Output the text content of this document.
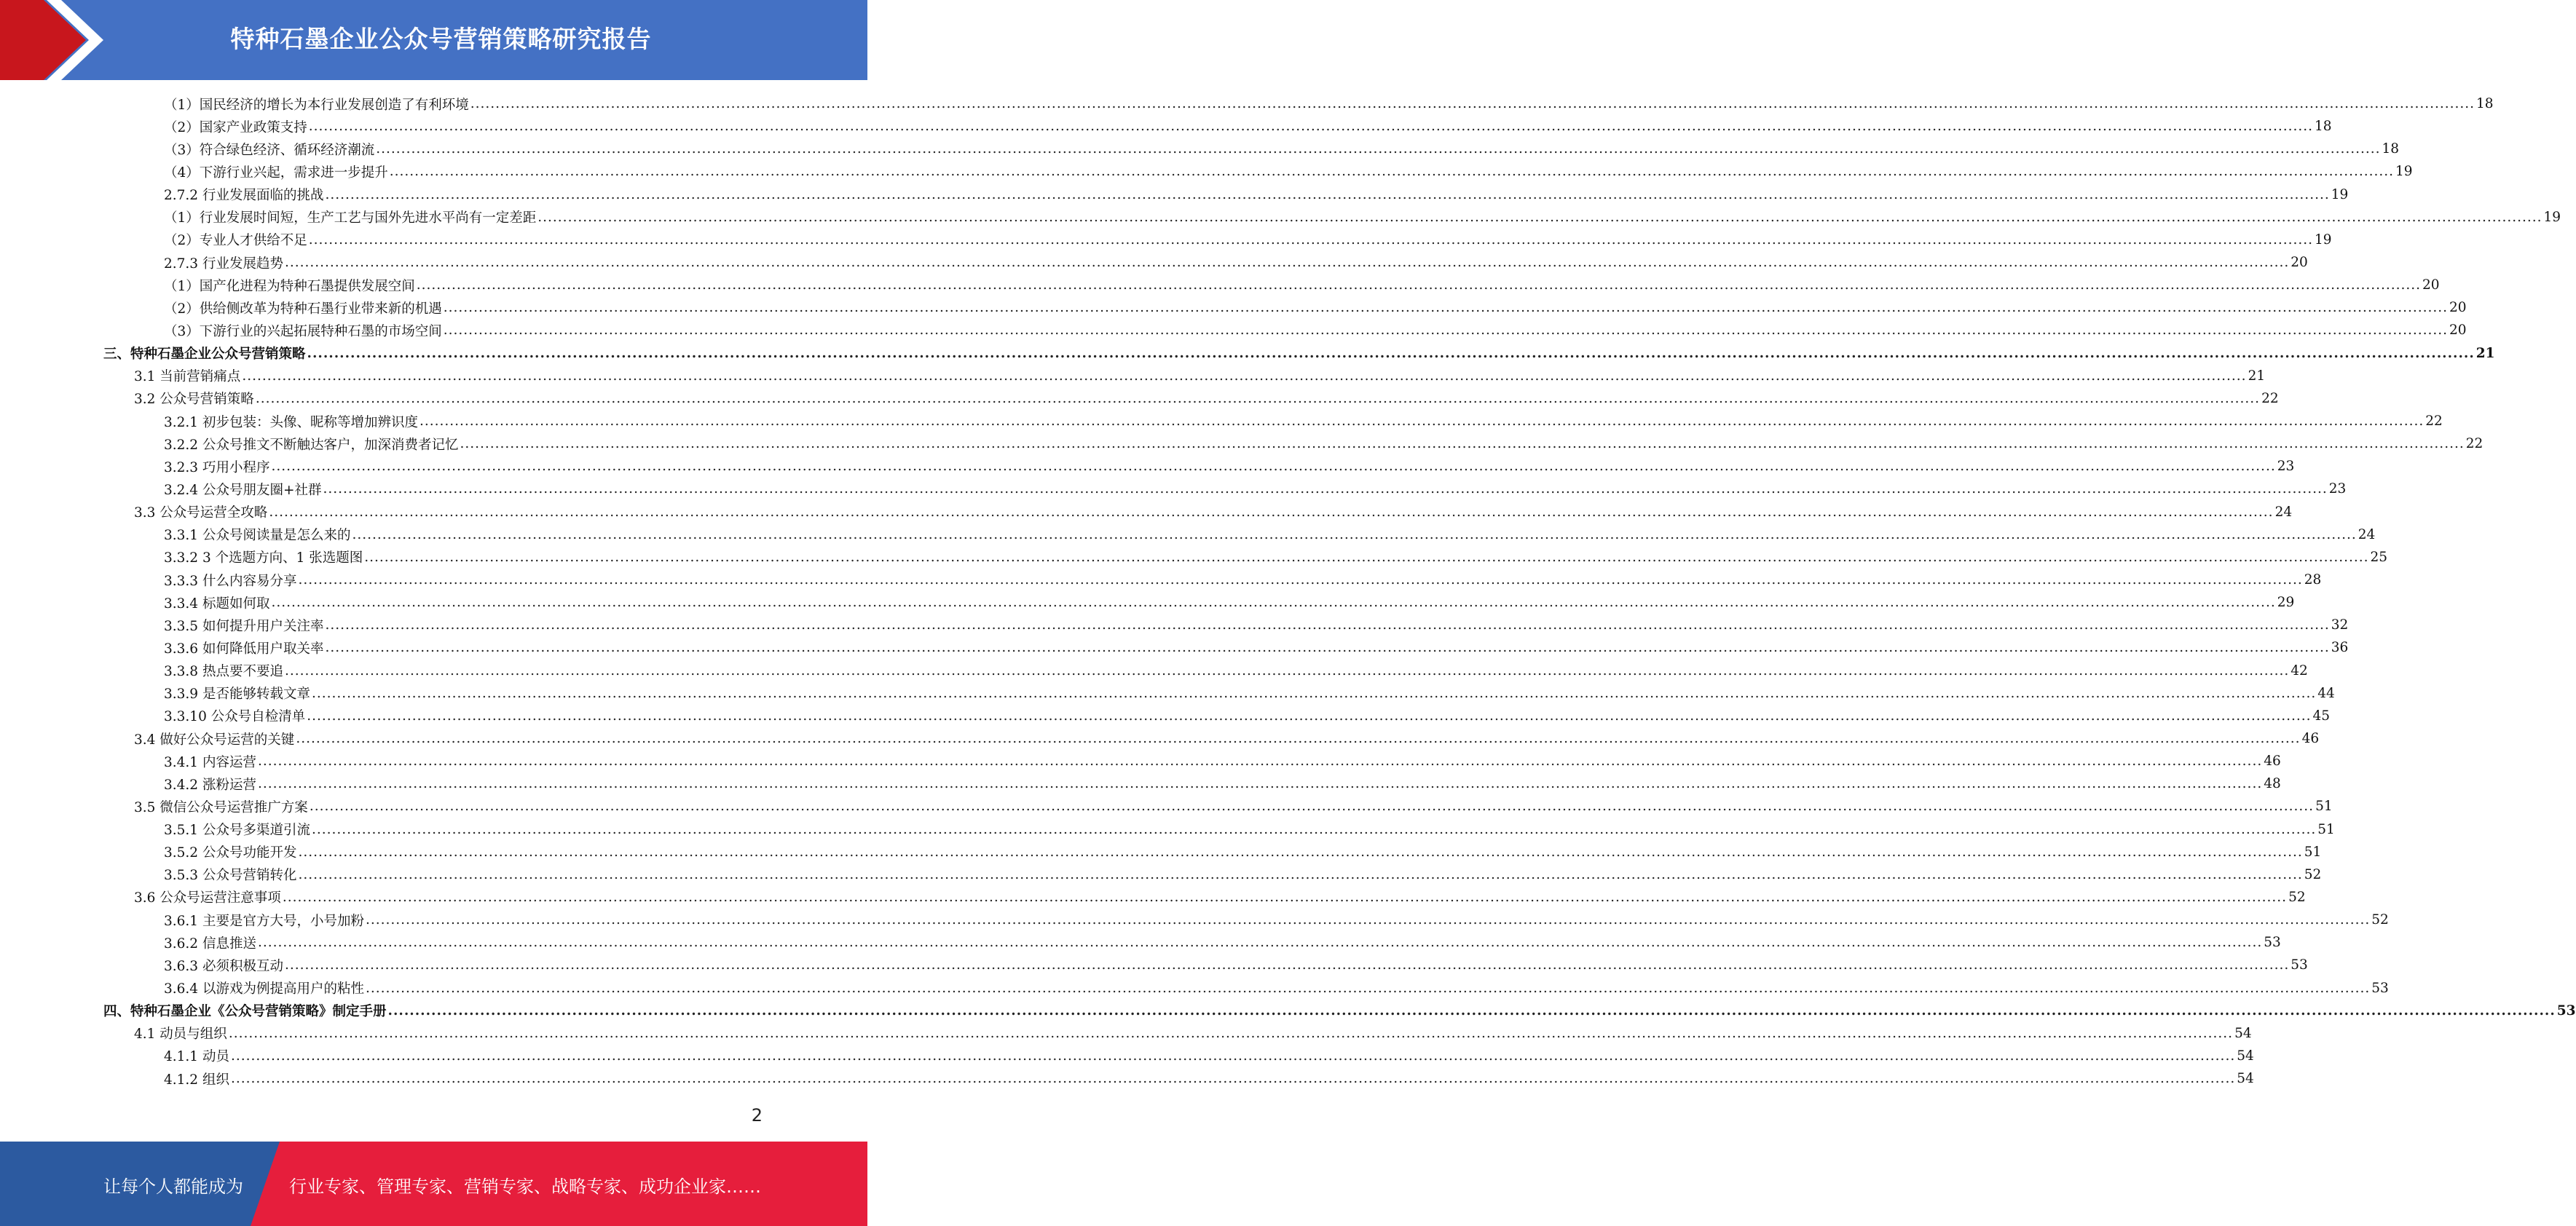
特种石墨企业公众号营销策略研究报告
（1）国民经济的增长为本行业发展创造了有利环境 ................................................................................................................................................................................................................................................................................................................................................................................................................ 18
（2）国家产业政策支持 ................................................................................................................................................................................................................................................................................................................................................................................................................ 18
（3）符合绿色经济、循环经济潮流 ................................................................................................................................................................................................................................................................................................................................................................................................................ 18
（4）下游行业兴起，需求进一步提升 ................................................................................................................................................................................................................................................................................................................................................................................................................ 19
2.7.2 行业发展面临的挑战 ................................................................................................................................................................................................................................................................................................................................................................................................................ 19
（1）行业发展时间短，生产工艺与国外先进水平尚有一定差距 ................................................................................................................................................................................................................................................................................................................................................................................................................ 19
（2）专业人才供给不足 ................................................................................................................................................................................................................................................................................................................................................................................................................ 19
2.7.3 行业发展趋势 ................................................................................................................................................................................................................................................................................................................................................................................................................ 20
（1）国产化进程为特种石墨提供发展空间 ................................................................................................................................................................................................................................................................................................................................................................................................................ 20
（2）供给侧改革为特种石墨行业带来新的机遇 ................................................................................................................................................................................................................................................................................................................................................................................................................ 20
（3）下游行业的兴起拓展特种石墨的市场空间 ................................................................................................................................................................................................................................................................................................................................................................................................................ 20
三、特种石墨企业公众号营销策略 ................................................................................................................................................................................................................................................................................................................................................................................................................ 21
3.1 当前营销痛点 ................................................................................................................................................................................................................................................................................................................................................................................................................ 21
3.2 公众号营销策略 ................................................................................................................................................................................................................................................................................................................................................................................................................ 22
3.2.1 初步包装：头像、昵称等增加辨识度 ................................................................................................................................................................................................................................................................................................................................................................................................................ 22
3.2.2 公众号推文不断触达客户，加深消费者记忆 ................................................................................................................................................................................................................................................................................................................................................................................................................ 22
3.2.3 巧用小程序 ................................................................................................................................................................................................................................................................................................................................................................................................................ 23
3.2.4 公众号朋友圈+社群 ................................................................................................................................................................................................................................................................................................................................................................................................................ 23
3.3 公众号运营全攻略 ................................................................................................................................................................................................................................................................................................................................................................................................................ 24
3.3.1 公众号阅读量是怎么来的 ................................................................................................................................................................................................................................................................................................................................................................................................................ 24
3.3.2 3 个选题方向、1 张选题图 ................................................................................................................................................................................................................................................................................................................................................................................................................ 25
3.3.3 什么内容易分享 ................................................................................................................................................................................................................................................................................................................................................................................................................ 28
3.3.4 标题如何取 ................................................................................................................................................................................................................................................................................................................................................................................................................ 29
3.3.5 如何提升用户关注率 ................................................................................................................................................................................................................................................................................................................................................................................................................ 32
3.3.6 如何降低用户取关率 ................................................................................................................................................................................................................................................................................................................................................................................................................ 36
3.3.8 热点要不要追 ................................................................................................................................................................................................................................................................................................................................................................................................................ 42
3.3.9 是否能够转载文章 ................................................................................................................................................................................................................................................................................................................................................................................................................ 44
3.3.10 公众号自检清单 ................................................................................................................................................................................................................................................................................................................................................................................................................ 45
3.4 做好公众号运营的关键 ................................................................................................................................................................................................................................................................................................................................................................................................................ 46
3.4.1 内容运营 ................................................................................................................................................................................................................................................................................................................................................................................................................ 46
3.4.2 涨粉运营 ................................................................................................................................................................................................................................................................................................................................................................................................................ 48
3.5 微信公众号运营推广方案 ................................................................................................................................................................................................................................................................................................................................................................................................................ 51
3.5.1 公众号多渠道引流 ................................................................................................................................................................................................................................................................................................................................................................................................................ 51
3.5.2 公众号功能开发 ................................................................................................................................................................................................................................................................................................................................................................................................................ 51
3.5.3 公众号营销转化 ................................................................................................................................................................................................................................................................................................................................................................................................................ 52
3.6 公众号运营注意事项 ................................................................................................................................................................................................................................................................................................................................................................................................................ 52
3.6.1 主要是官方大号，小号加粉 ................................................................................................................................................................................................................................................................................................................................................................................................................ 52
3.6.2 信息推送 ................................................................................................................................................................................................................................................................................................................................................................................................................ 53
3.6.3 必须积极互动 ................................................................................................................................................................................................................................................................................................................................................................................................................ 53
3.6.4 以游戏为例提高用户的粘性 ................................................................................................................................................................................................................................................................................................................................................................................................................ 53
四、特种石墨企业《公众号营销策略》制定手册 ................................................................................................................................................................................................................................................................................................................................................................................................................ 53
4.1 动员与组织 ................................................................................................................................................................................................................................................................................................................................................................................................................ 54
4.1.1 动员 ................................................................................................................................................................................................................................................................................................................................................................................................................ 54
4.1.2 组织 ................................................................................................................................................................................................................................................................................................................................................................................................................ 54
2
让每个人都能成为	行业专家、管理专家、营销专家、战略专家、成功企业家……
